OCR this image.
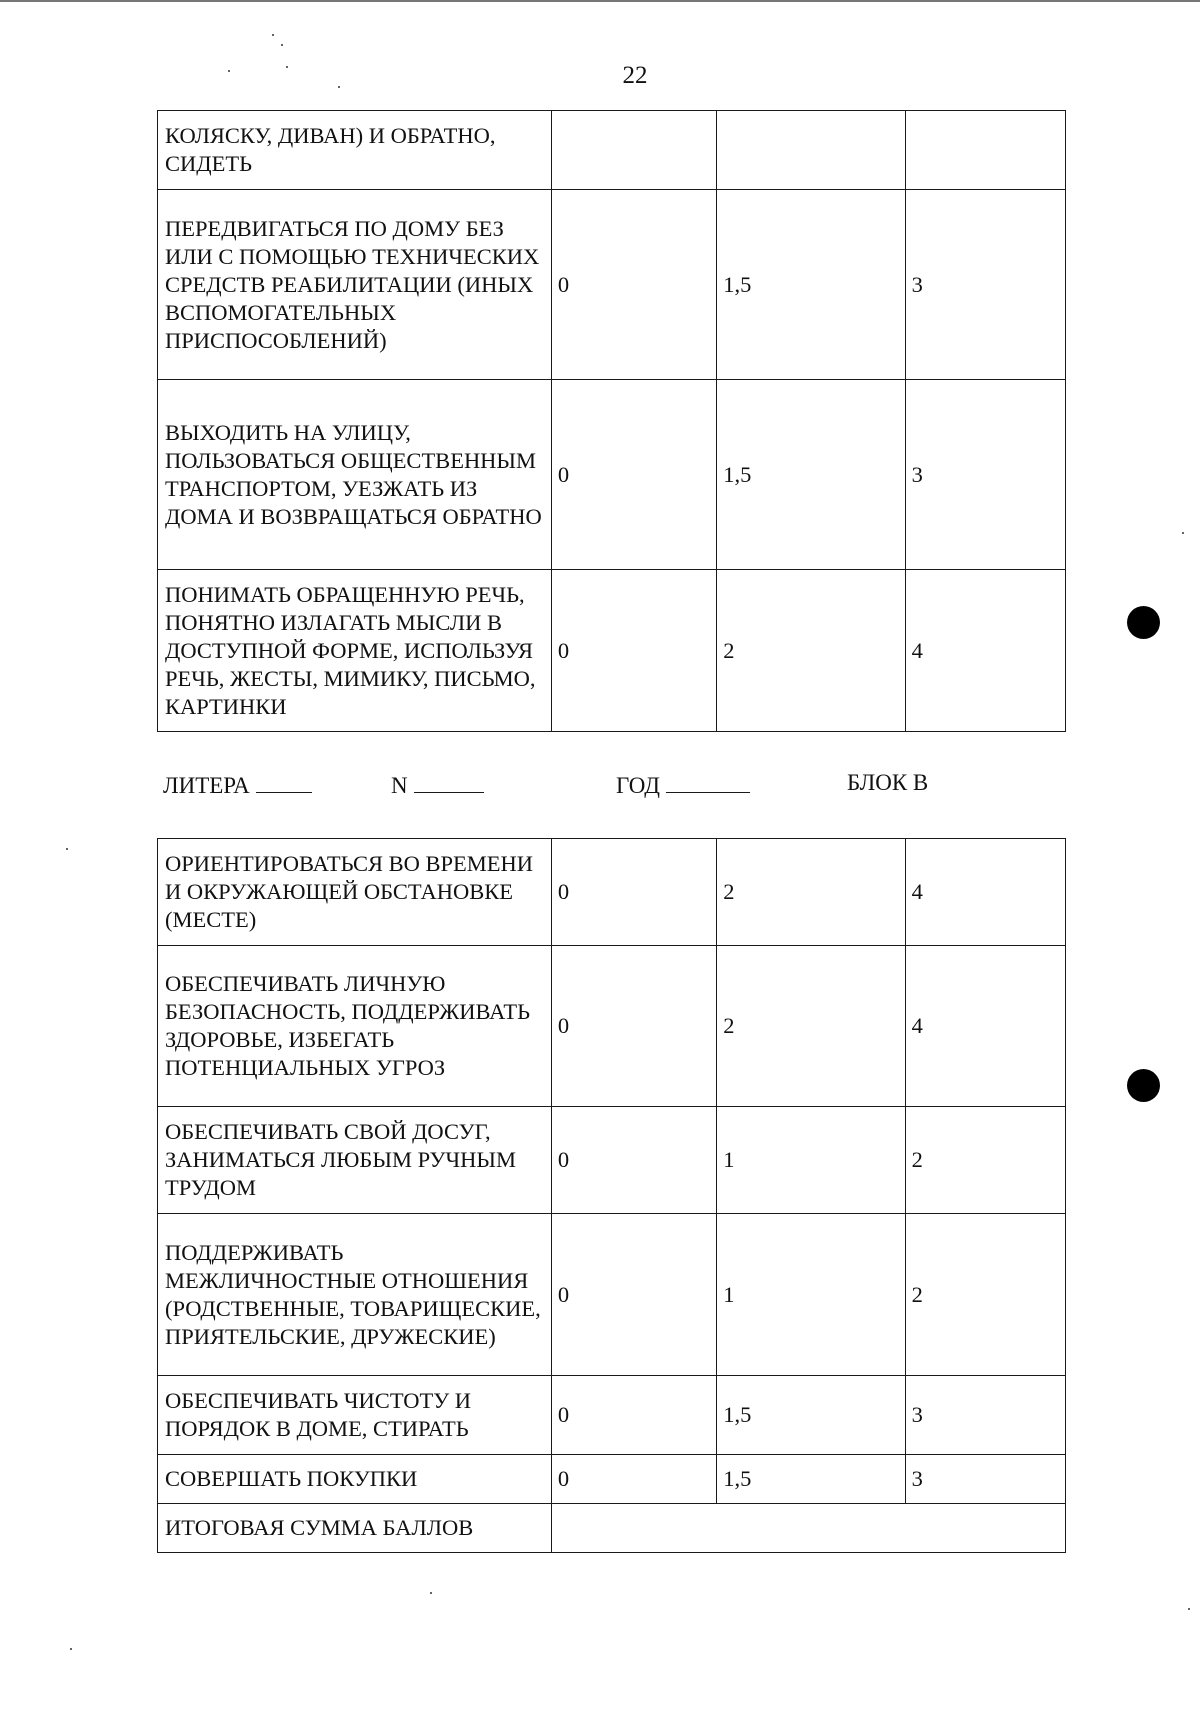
22
КОЛЯСКУ, ДИВАН) И ОБРАТНО, СИДЕТЬ			
ПЕРЕДВИГАТЬСЯ ПО ДОМУ БЕЗ ИЛИ С ПОМОЩЬЮ ТЕХНИЧЕСКИХ СРЕДСТВ РЕАБИЛИТАЦИИ (ИНЫХ ВСПОМОГАТЕЛЬНЫХ ПРИСПОСОБЛЕНИЙ)	0	1,5	3
ВЫХОДИТЬ НА УЛИЦУ, ПОЛЬЗОВАТЬСЯ ОБЩЕСТВЕННЫМ ТРАНСПОРТОМ, УЕЗЖАТЬ ИЗ ДОМА И ВОЗВРАЩАТЬСЯ ОБРАТНО	0	1,5	3
ПОНИМАТЬ ОБРАЩЕННУЮ РЕЧЬ, ПОНЯТНО ИЗЛАГАТЬ МЫСЛИ В ДОСТУПНОЙ ФОРМЕ, ИСПОЛЬЗУЯ РЕЧЬ, ЖЕСТЫ, МИМИКУ, ПИСЬМО, КАРТИНКИ	0	2	4
ЛИТЕРА	N	ГОД	БЛОК В
ОРИЕНТИРОВАТЬСЯ ВО ВРЕМЕНИ И ОКРУЖАЮЩЕЙ ОБСТАНОВКЕ (МЕСТЕ)	0	2	4
ОБЕСПЕЧИВАТЬ ЛИЧНУЮ БЕЗОПАСНОСТЬ, ПОДДЕРЖИВАТЬ ЗДОРОВЬЕ, ИЗБЕГАТЬ ПОТЕНЦИАЛЬНЫХ УГРОЗ	0	2	4
ОБЕСПЕЧИВАТЬ СВОЙ ДОСУГ, ЗАНИМАТЬСЯ ЛЮБЫМ РУЧНЫМ ТРУДОМ	0	1	2
ПОДДЕРЖИВАТЬ МЕЖЛИЧНОСТНЫЕ ОТНОШЕНИЯ (РОДСТВЕННЫЕ, ТОВАРИЩЕСКИЕ, ПРИЯТЕЛЬСКИЕ, ДРУЖЕСКИЕ)	0	1	2
ОБЕСПЕЧИВАТЬ ЧИСТОТУ И ПОРЯДОК В ДОМЕ, СТИРАТЬ	0	1,5	3
СОВЕРШАТЬ ПОКУПКИ	0	1,5	3
ИТОГОВАЯ СУММА БАЛЛОВ			
